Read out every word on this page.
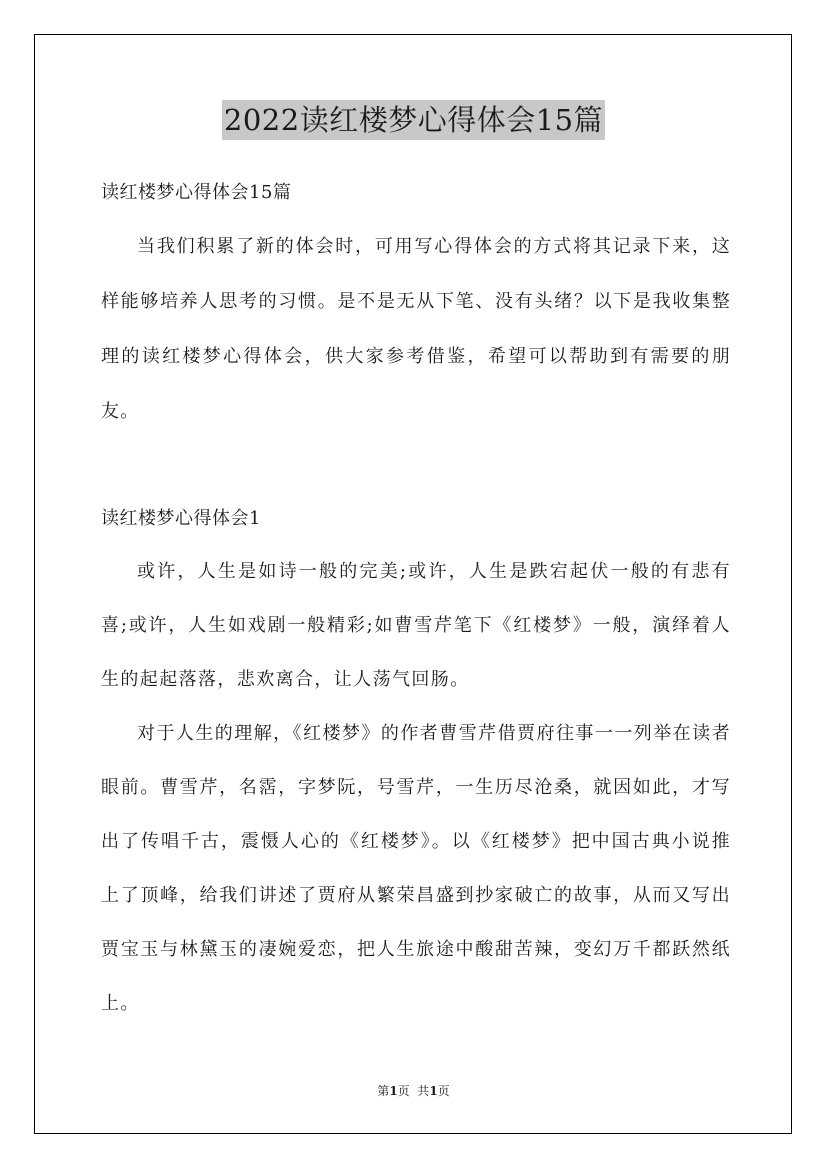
2022读红楼梦心得体会15篇
读红楼梦心得体会15篇

当我们积累了新的体会时，可用写心得体会的方式将其记录下来，这样能够培养人思考的习惯。是不是无从下笔、没有头绪？以下是我收集整理的读红楼梦心得体会，供大家参考借鉴，希望可以帮助到有需要的朋友。

读红楼梦心得体会1

或许，人生是如诗一般的完美;或许，人生是跌宕起伏一般的有悲有喜;或许，人生如戏剧一般精彩;如曹雪芹笔下《红楼梦》一般，演绎着人生的起起落落，悲欢离合，让人荡气回肠。

对于人生的理解，《红楼梦》的作者曹雪芹借贾府往事一一列举在读者眼前。曹雪芹，名霑，字梦阮，号雪芹，一生历尽沧桑，就因如此，才写出了传唱千古，震慑人心的《红楼梦》。以《红楼梦》把中国古典小说推上了顶峰，给我们讲述了贾府从繁荣昌盛到抄家破亡的故事，从而又写出贾宝玉与林黛玉的凄婉爱恋，把人生旅途中酸甜苦辣，变幻万千都跃然纸上。

第1页  共1页
